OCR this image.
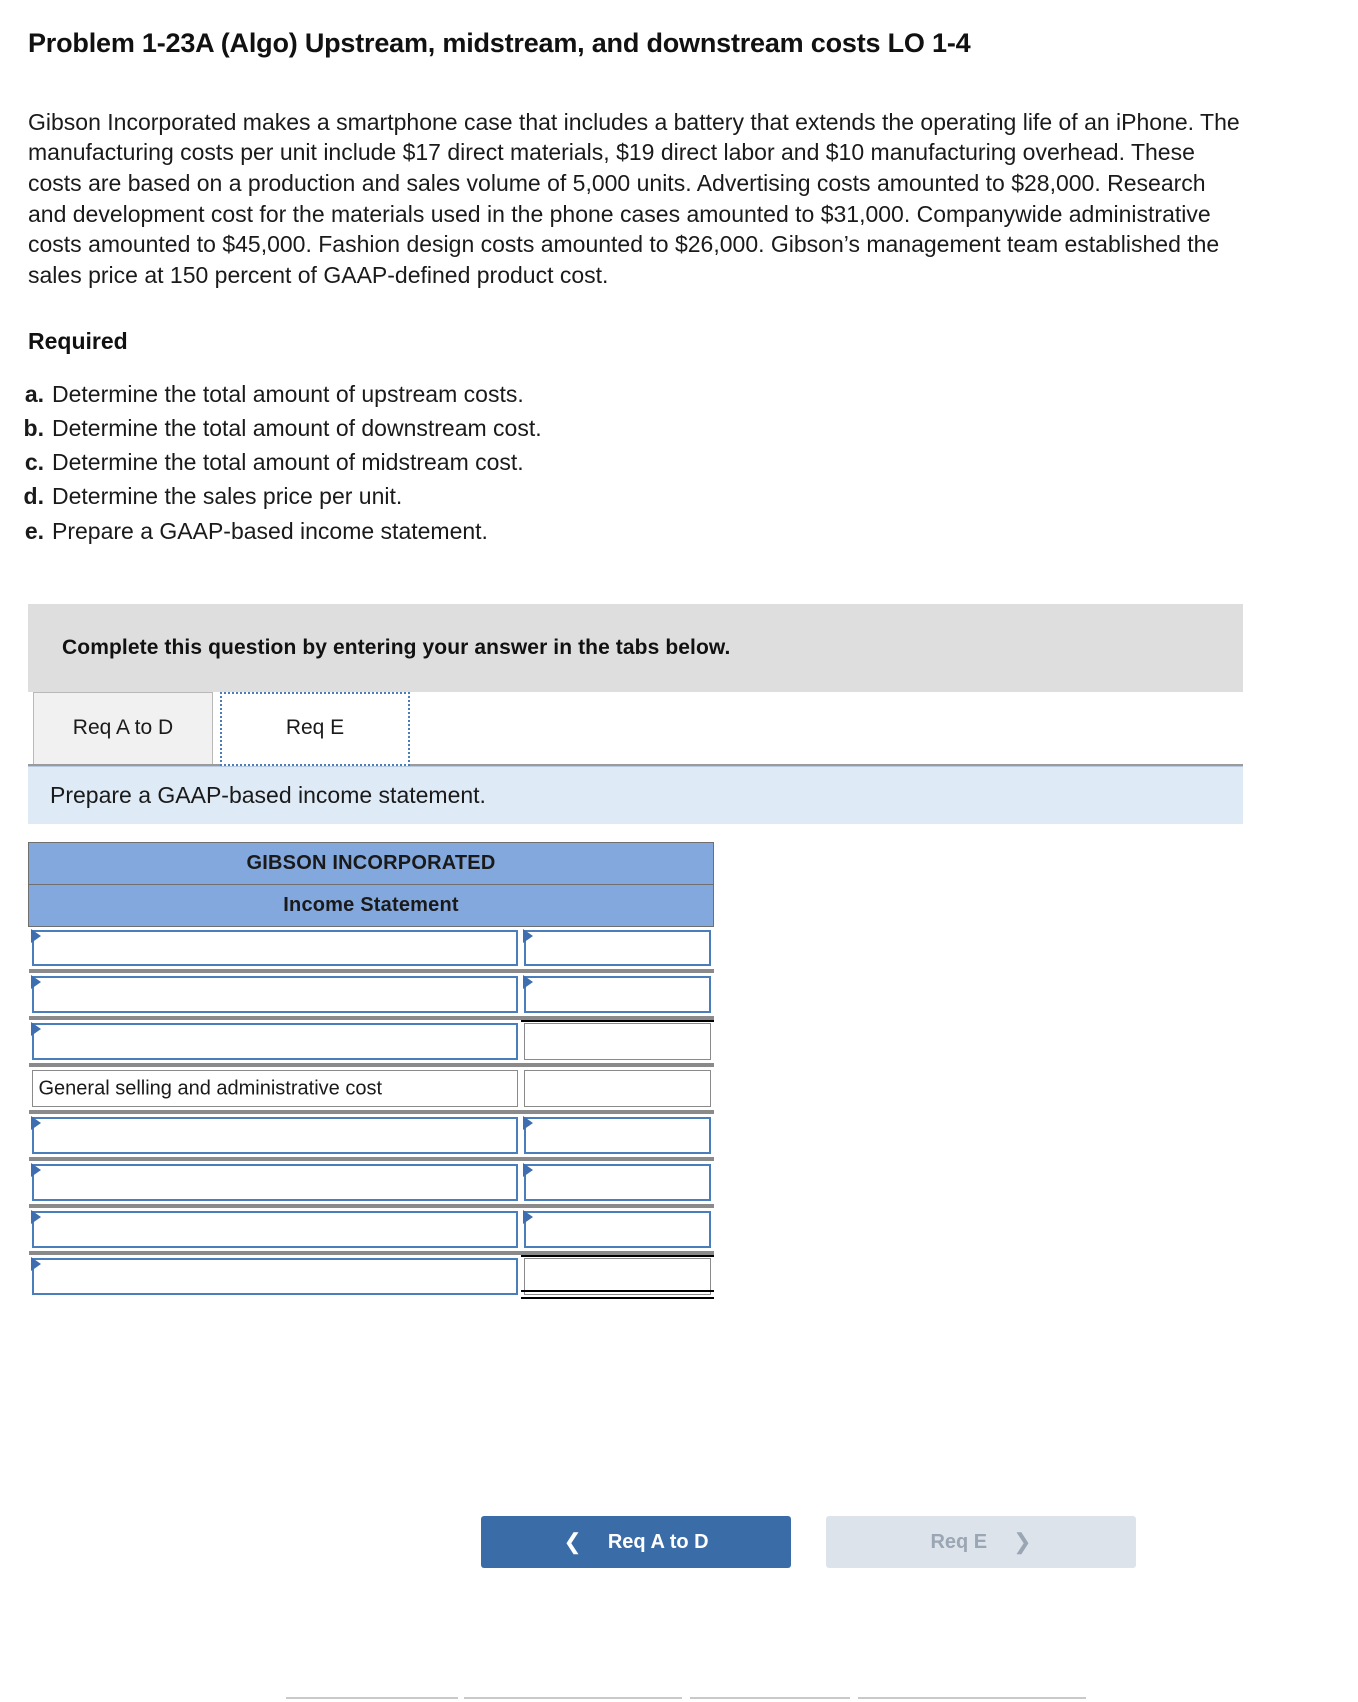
Problem 1-23A (Algo) Upstream, midstream, and downstream costs LO 1-4
Gibson Incorporated makes a smartphone case that includes a battery that extends the operating life of an iPhone. The manufacturing costs per unit include $17 direct materials, $19 direct labor and $10 manufacturing overhead. These costs are based on a production and sales volume of 5,000 units. Advertising costs amounted to $28,000. Research and development cost for the materials used in the phone cases amounted to $31,000. Companywide administrative costs amounted to $45,000. Fashion design costs amounted to $26,000. Gibson’s management team established the sales price at 150 percent of GAAP-defined product cost.
Required
a. Determine the total amount of upstream costs.
b. Determine the total amount of downstream cost.
c. Determine the total amount of midstream cost.
d. Determine the sales price per unit.
e. Prepare a GAAP-based income statement.
Complete this question by entering your answer in the tabs below.
Req A to D	Req E
Prepare a GAAP-based income statement.
GIBSON INCORPORATED	
Income Statement	

General selling and administrative cost	

❮ Req A to D	Req E ❯
